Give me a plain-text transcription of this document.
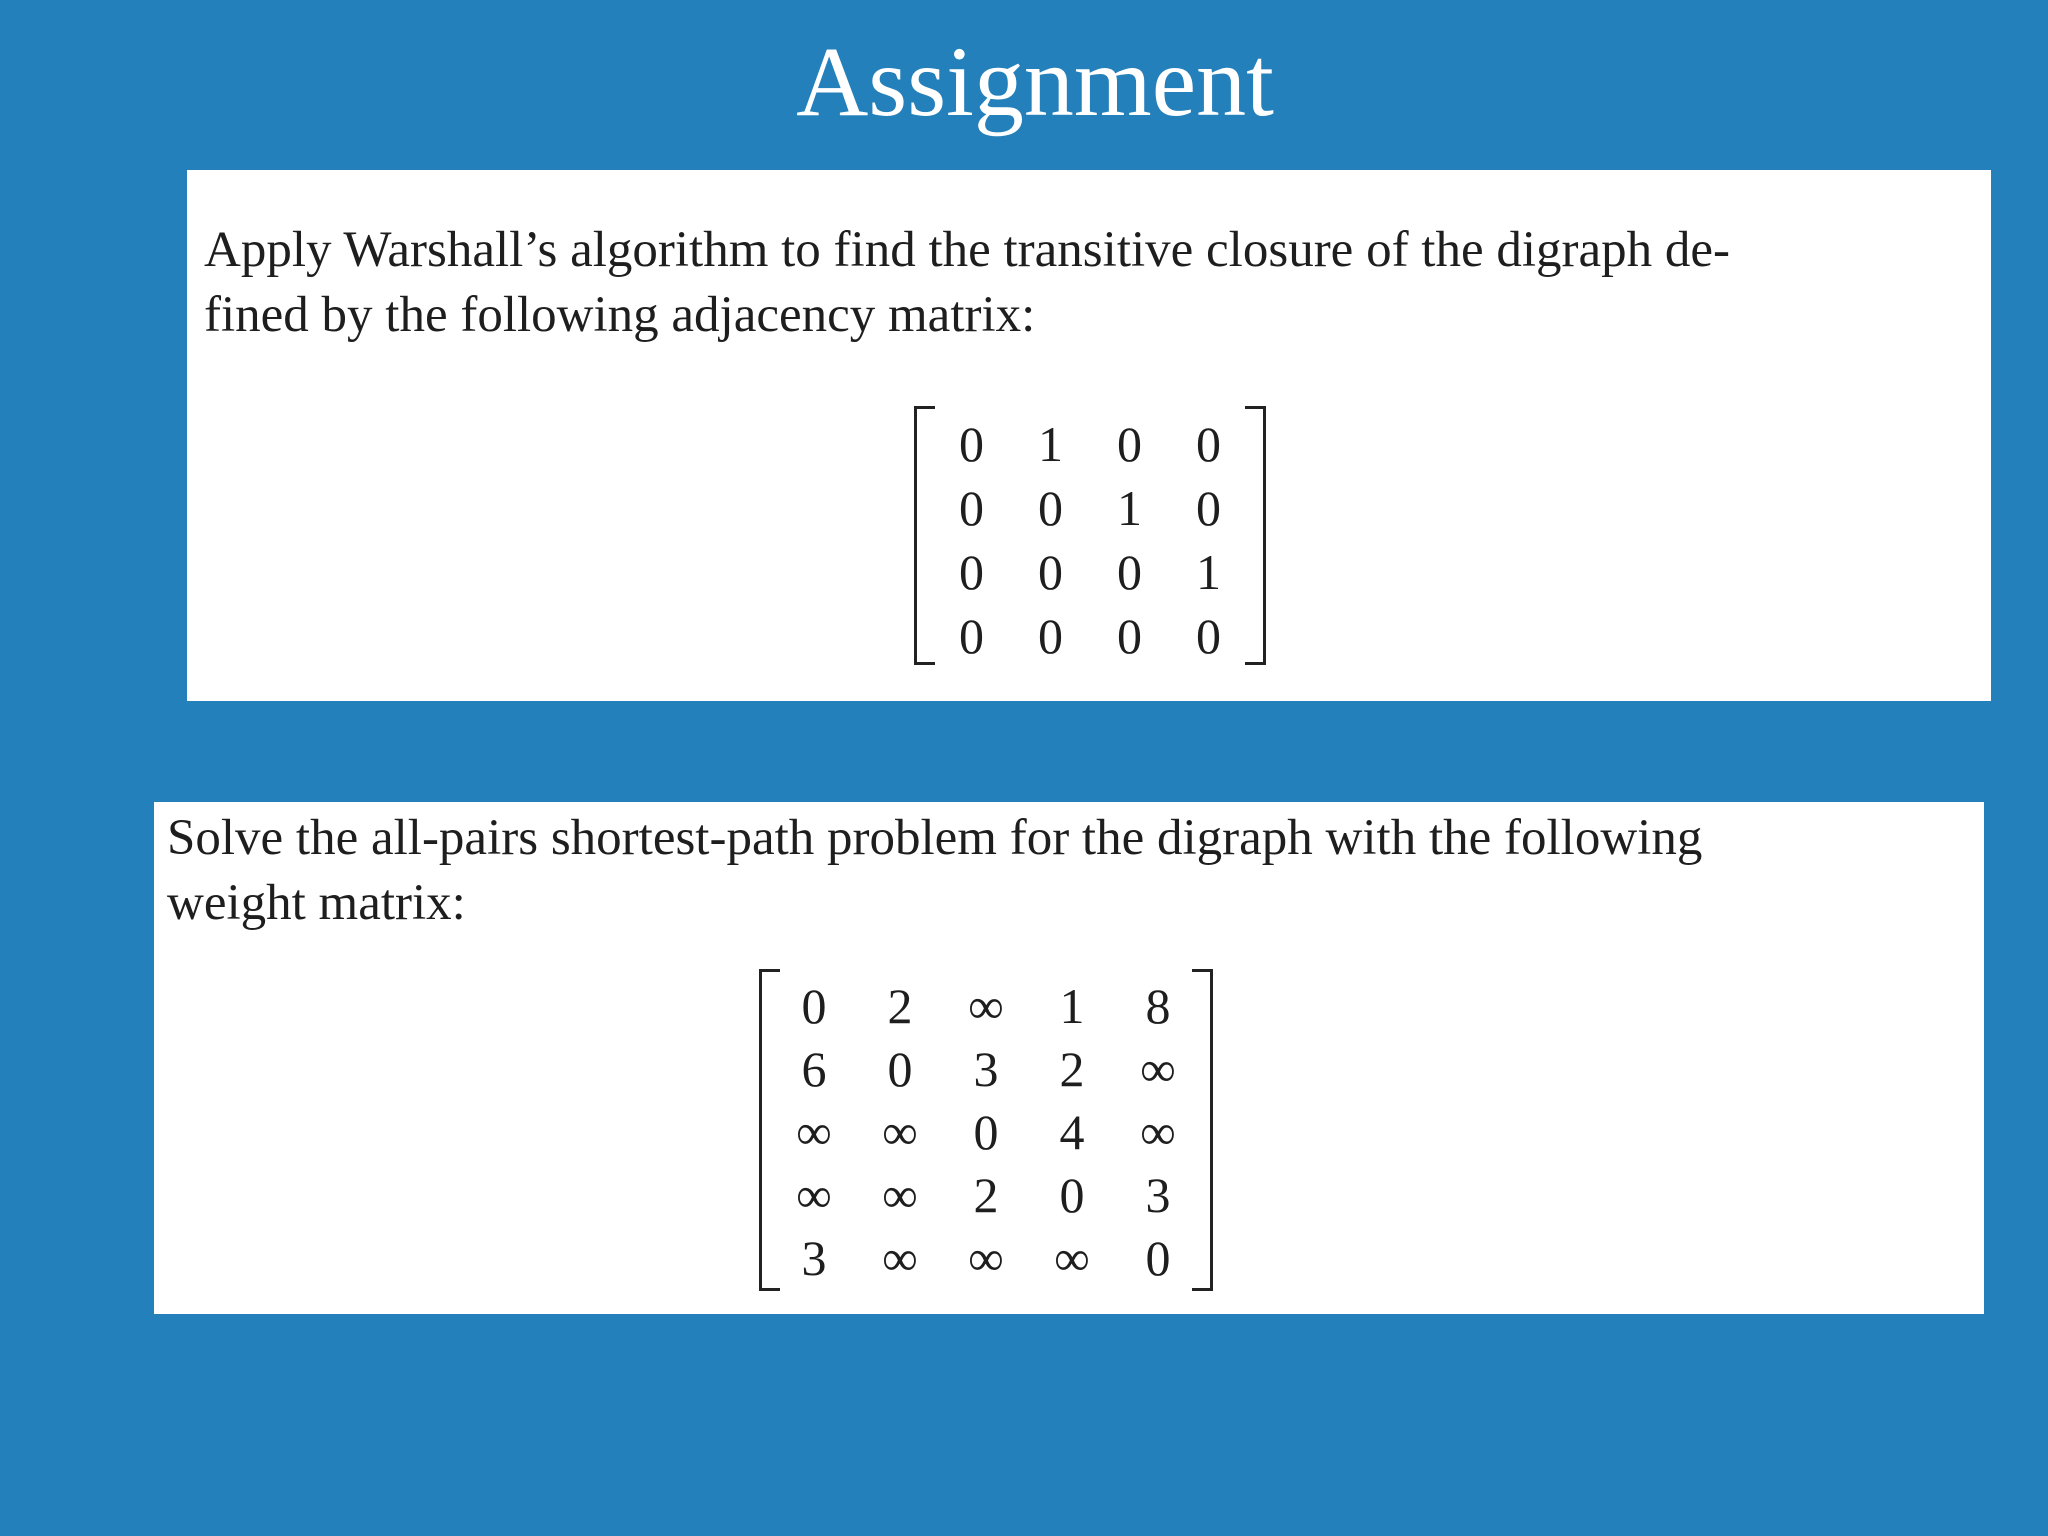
Assignment
Apply Warshall’s algorithm to find the transitive closure of the digraph de-
fined by the following adjacency matrix:
0	1	0	0
0	0	1	0
0	0	0	1
0	0	0	0
Solve the all-pairs shortest-path problem for the digraph with the following
weight matrix:
0	2	∞	1	8
6	0	3	2	∞
∞	∞	0	4	∞
∞	∞	2	0	3
3	∞	∞	∞	0
